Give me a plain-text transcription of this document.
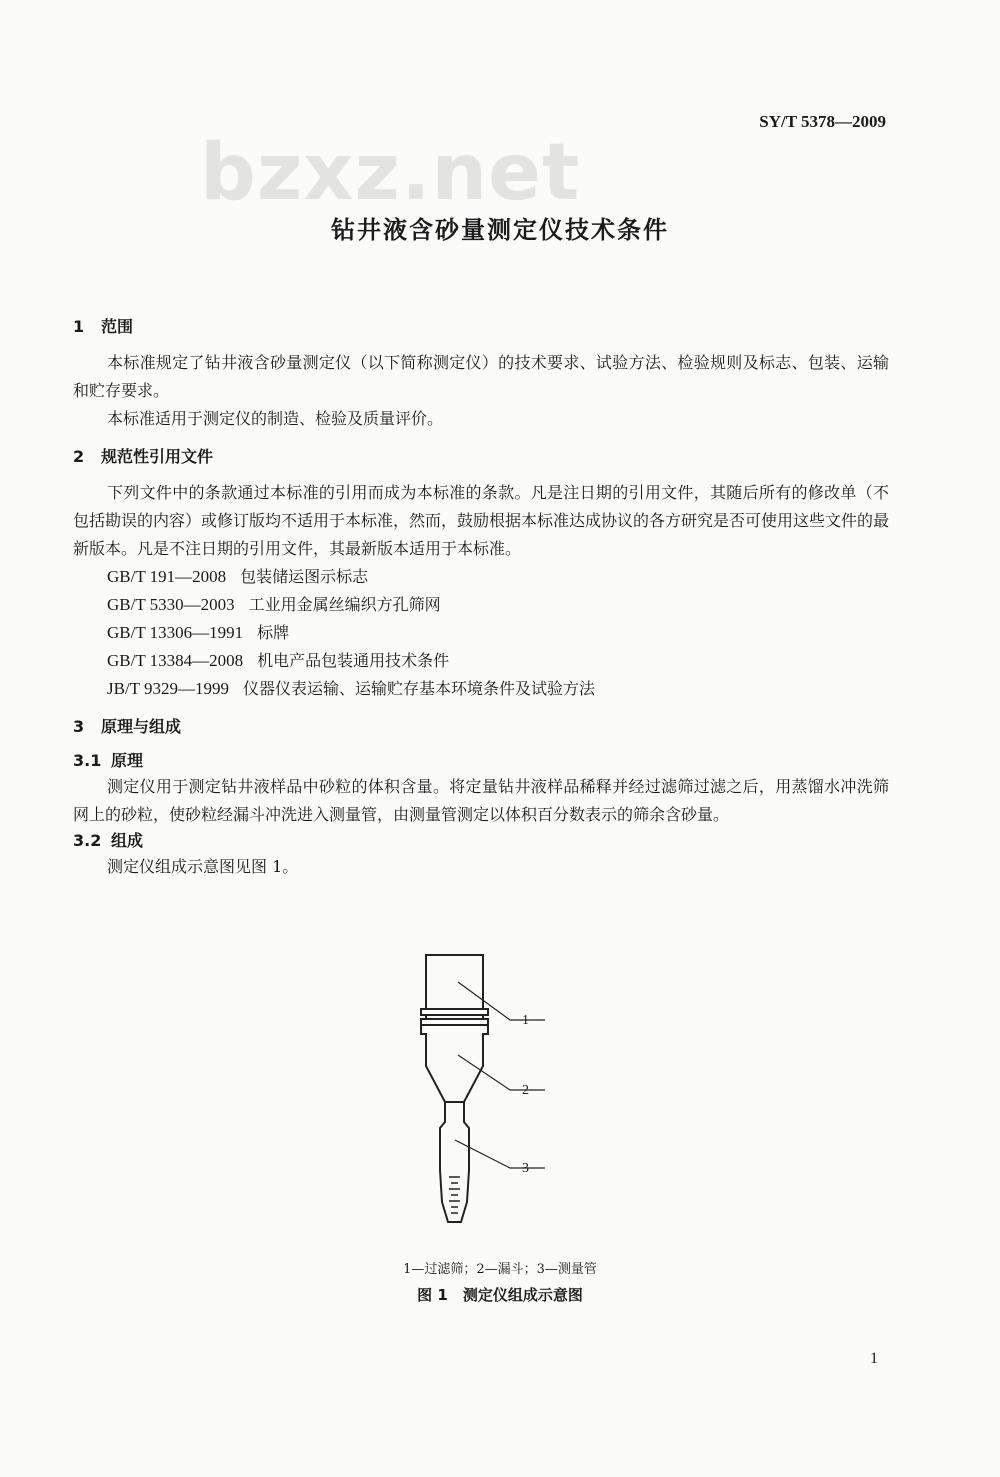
SY/T 5378—2009
bzxz.net
钻井液含砂量测定仪技术条件
1 范围

本标准规定了钻井液含砂量测定仪（以下简称测定仪）的技术要求、试验方法、检验规则及标志、包装、运输和贮存要求。

本标准适用于测定仪的制造、检验及质量评价。

2 规范性引用文件

下列文件中的条款通过本标准的引用而成为本标准的条款。凡是注日期的引用文件，其随后所有的修改单（不包括勘误的内容）或修订版均不适用于本标准，然而，鼓励根据本标准达成协议的各方研究是否可使用这些文件的最新版本。凡是不注日期的引用文件，其最新版本适用于本标准。

GB/T 191—2008 包装储运图示标志
GB/T 5330—2003 工业用金属丝编织方孔筛网
GB/T 13306—1991 标牌
GB/T 13384—2008 机电产品包装通用技术条件
JB/T 9329—1999 仪器仪表运输、运输贮存基本环境条件及试验方法
3 原理与组成
3.1 原理

测定仪用于测定钻井液样品中砂粒的体积含量。将定量钻井液样品稀释并经过滤筛过滤之后，用蒸馏水冲洗筛网上的砂粒，使砂粒经漏斗冲洗进入测量管，由测量管测定以体积百分数表示的筛余含砂量。

3.2 组成

测定仪组成示意图见图 1。

1
2
3
1—过滤筛；2—漏斗；3—测量管
图 1　测定仪组成示意图
1
